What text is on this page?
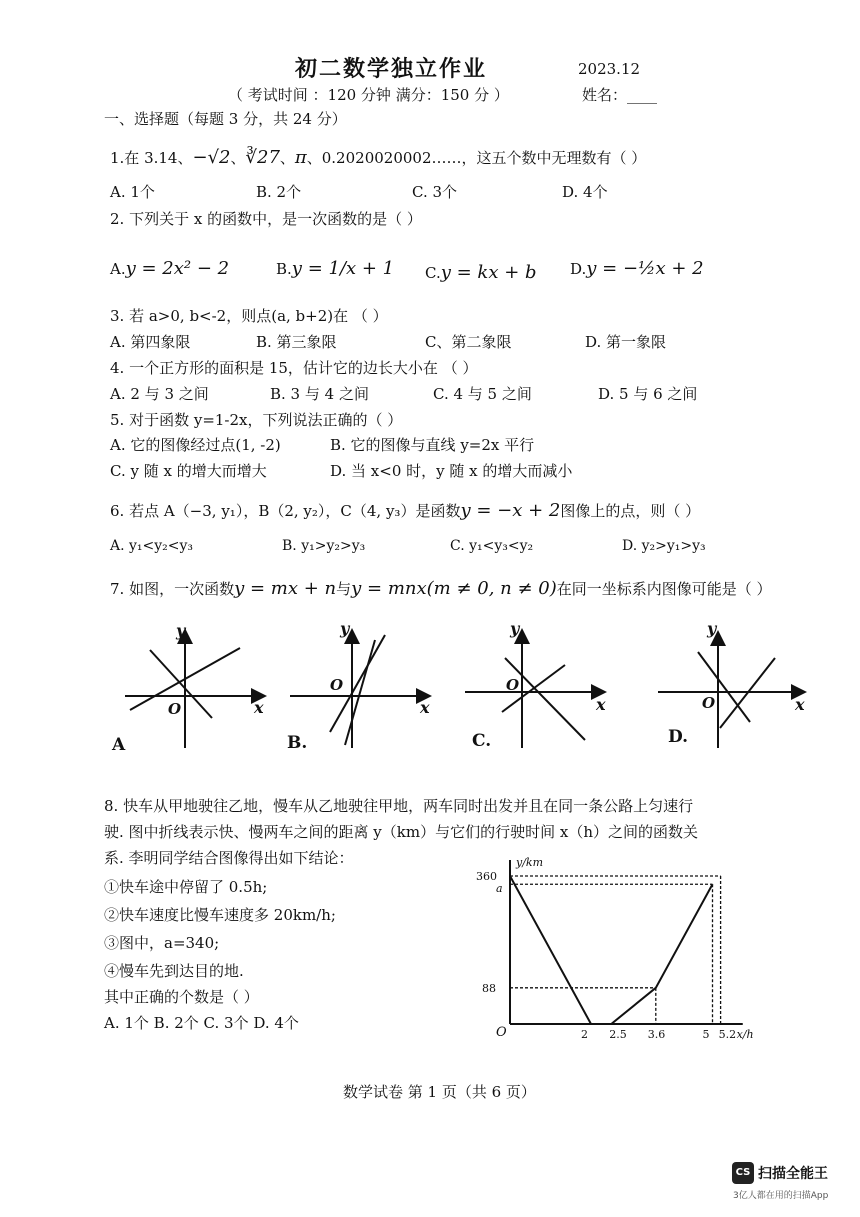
初二数学独立作业	2023.12
（ 考试时间 ：120 分钟 满分：150 分 ）	姓名：____
一、选择题（每题 3 分，共 24 分）
1.在 3.14、−√2、∛27、π、0.2020020002……，这五个数中无理数有（ ）
A. 1个	B. 2个	C. 3个	D. 4个
2. 下列关于 x 的函数中，是一次函数的是（ ）
A.y = 2x² − 2	B.y = 1/x + 1 C.y = kx + b D.y = −½x + 2
3. 若 a>0, b<-2，则点(a, b+2)在 （ ）
A. 第四象限	B. 第三象限	C、第二象限	D. 第一象限
4. 一个正方形的面积是 15，估计它的边长大小在 （ ）
A. 2 与 3 之间	B. 3 与 4 之间	C. 4 与 5 之间	D. 5 与 6 之间
5. 对于函数 y=1-2x，下列说法正确的（ ）
A. 它的图像经过点(1, -2)	B. 它的图像与直线 y=2x 平行
C. y 随 x 的增大而增大	D. 当 x<0 时，y 随 x 的增大而减小
6. 若点 A（−3, y₁），B（2, y₂），C（4, y₃）是函数y = −x + 2图像上的点，则（ ）
A. y₁<y₂<y₃	B. y₁>y₂>y₃	C. y₁<y₃<y₂	D. y₂>y₁>y₃
7. 如图，一次函数y = mx + n与y = mnx(m ≠ 0, n ≠ 0)在同一坐标系内图像可能是（ ）
A	B.	C.	D.
x
y
O	x
y
O
x
y
O
x
y
O
8. 快车从甲地驶往乙地，慢车从乙地驶往甲地，两车同时出发并且在同一条公路上匀速行
驶. 图中折线表示快、慢两车之间的距离 y（km）与它们的行驶时间 x（h）之间的函数关
系. 李明同学结合图像得出如下结论：
①快车途中停留了 0.5h;
②快车速度比慢车速度多 20km/h;
③图中，a=340;
④慢车先到达目的地.
其中正确的个数是（ ）
A. 1个 B. 2个 C. 3个 D. 4个
360
a
88
2 2.5 3.6	5 5.2 x/h
y/km
O
数学试卷 第 1 页（共 6 页）
CS 扫描全能王
3亿人都在用的扫描App
